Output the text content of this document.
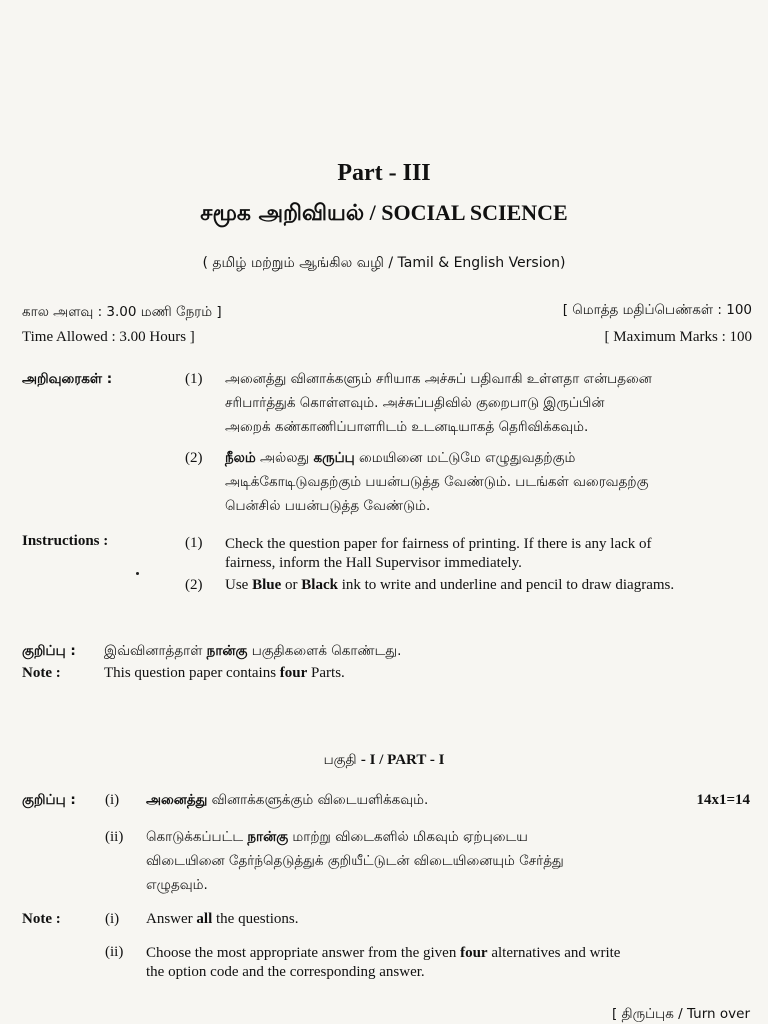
Part - III
சமூக அறிவியல் / SOCIAL SCIENCE
( தமிழ் மற்றும் ஆங்கில வழி / Tamil & English Version)
கால அளவு : 3.00 மணி நேரம் ]
Time Allowed : 3.00 Hours ]
[ மொத்த மதிப்பெண்கள் : 100
[ Maximum Marks : 100
அறிவுரைகள் :	(1) அனைத்து வினாக்களும் சரியாக அச்சுப் பதிவாகி உள்ளதா என்பதனை
சரிபார்த்துக் கொள்ளவும். அச்சுப்பதிவில் குறைபாடு இருப்பின்
அறைக் கண்காணிப்பாளரிடம் உடனடியாகத் தெரிவிக்கவும்.
(2) நீலம் அல்லது கருப்பு மையினை மட்டுமே எழுதுவதற்கும்
அடிக்கோடிடுவதற்கும் பயன்படுத்த வேண்டும். படங்கள் வரைவதற்கு
பென்சில் பயன்படுத்த வேண்டும்.
Instructions :	(1) Check the question paper for fairness of printing. If there is any lack of
fairness, inform the Hall Supervisor immediately.
(2) Use Blue or Black ink to write and underline and pencil to draw diagrams.
குறிப்பு : இவ்வினாத்தாள் நான்கு பகுதிகளைக் கொண்டது.
Note :	This question paper contains four Parts.
பகுதி - I / PART - I
குறிப்பு : (i) அனைத்து வினாக்களுக்கும் விடையளிக்கவும்.	14x1=14
(ii) கொடுக்கப்பட்ட நான்கு மாற்று விடைகளில் மிகவும் ஏற்புடைய
விடையினை தேர்ந்தெடுத்துக் குறியீட்டுடன் விடையினையும் சேர்த்து
எழுதவும்.
Note :	(i) Answer all the questions.
(ii) Choose the most appropriate answer from the given four alternatives and write
the option code and the corresponding answer.
[ திருப்புக / Turn over
